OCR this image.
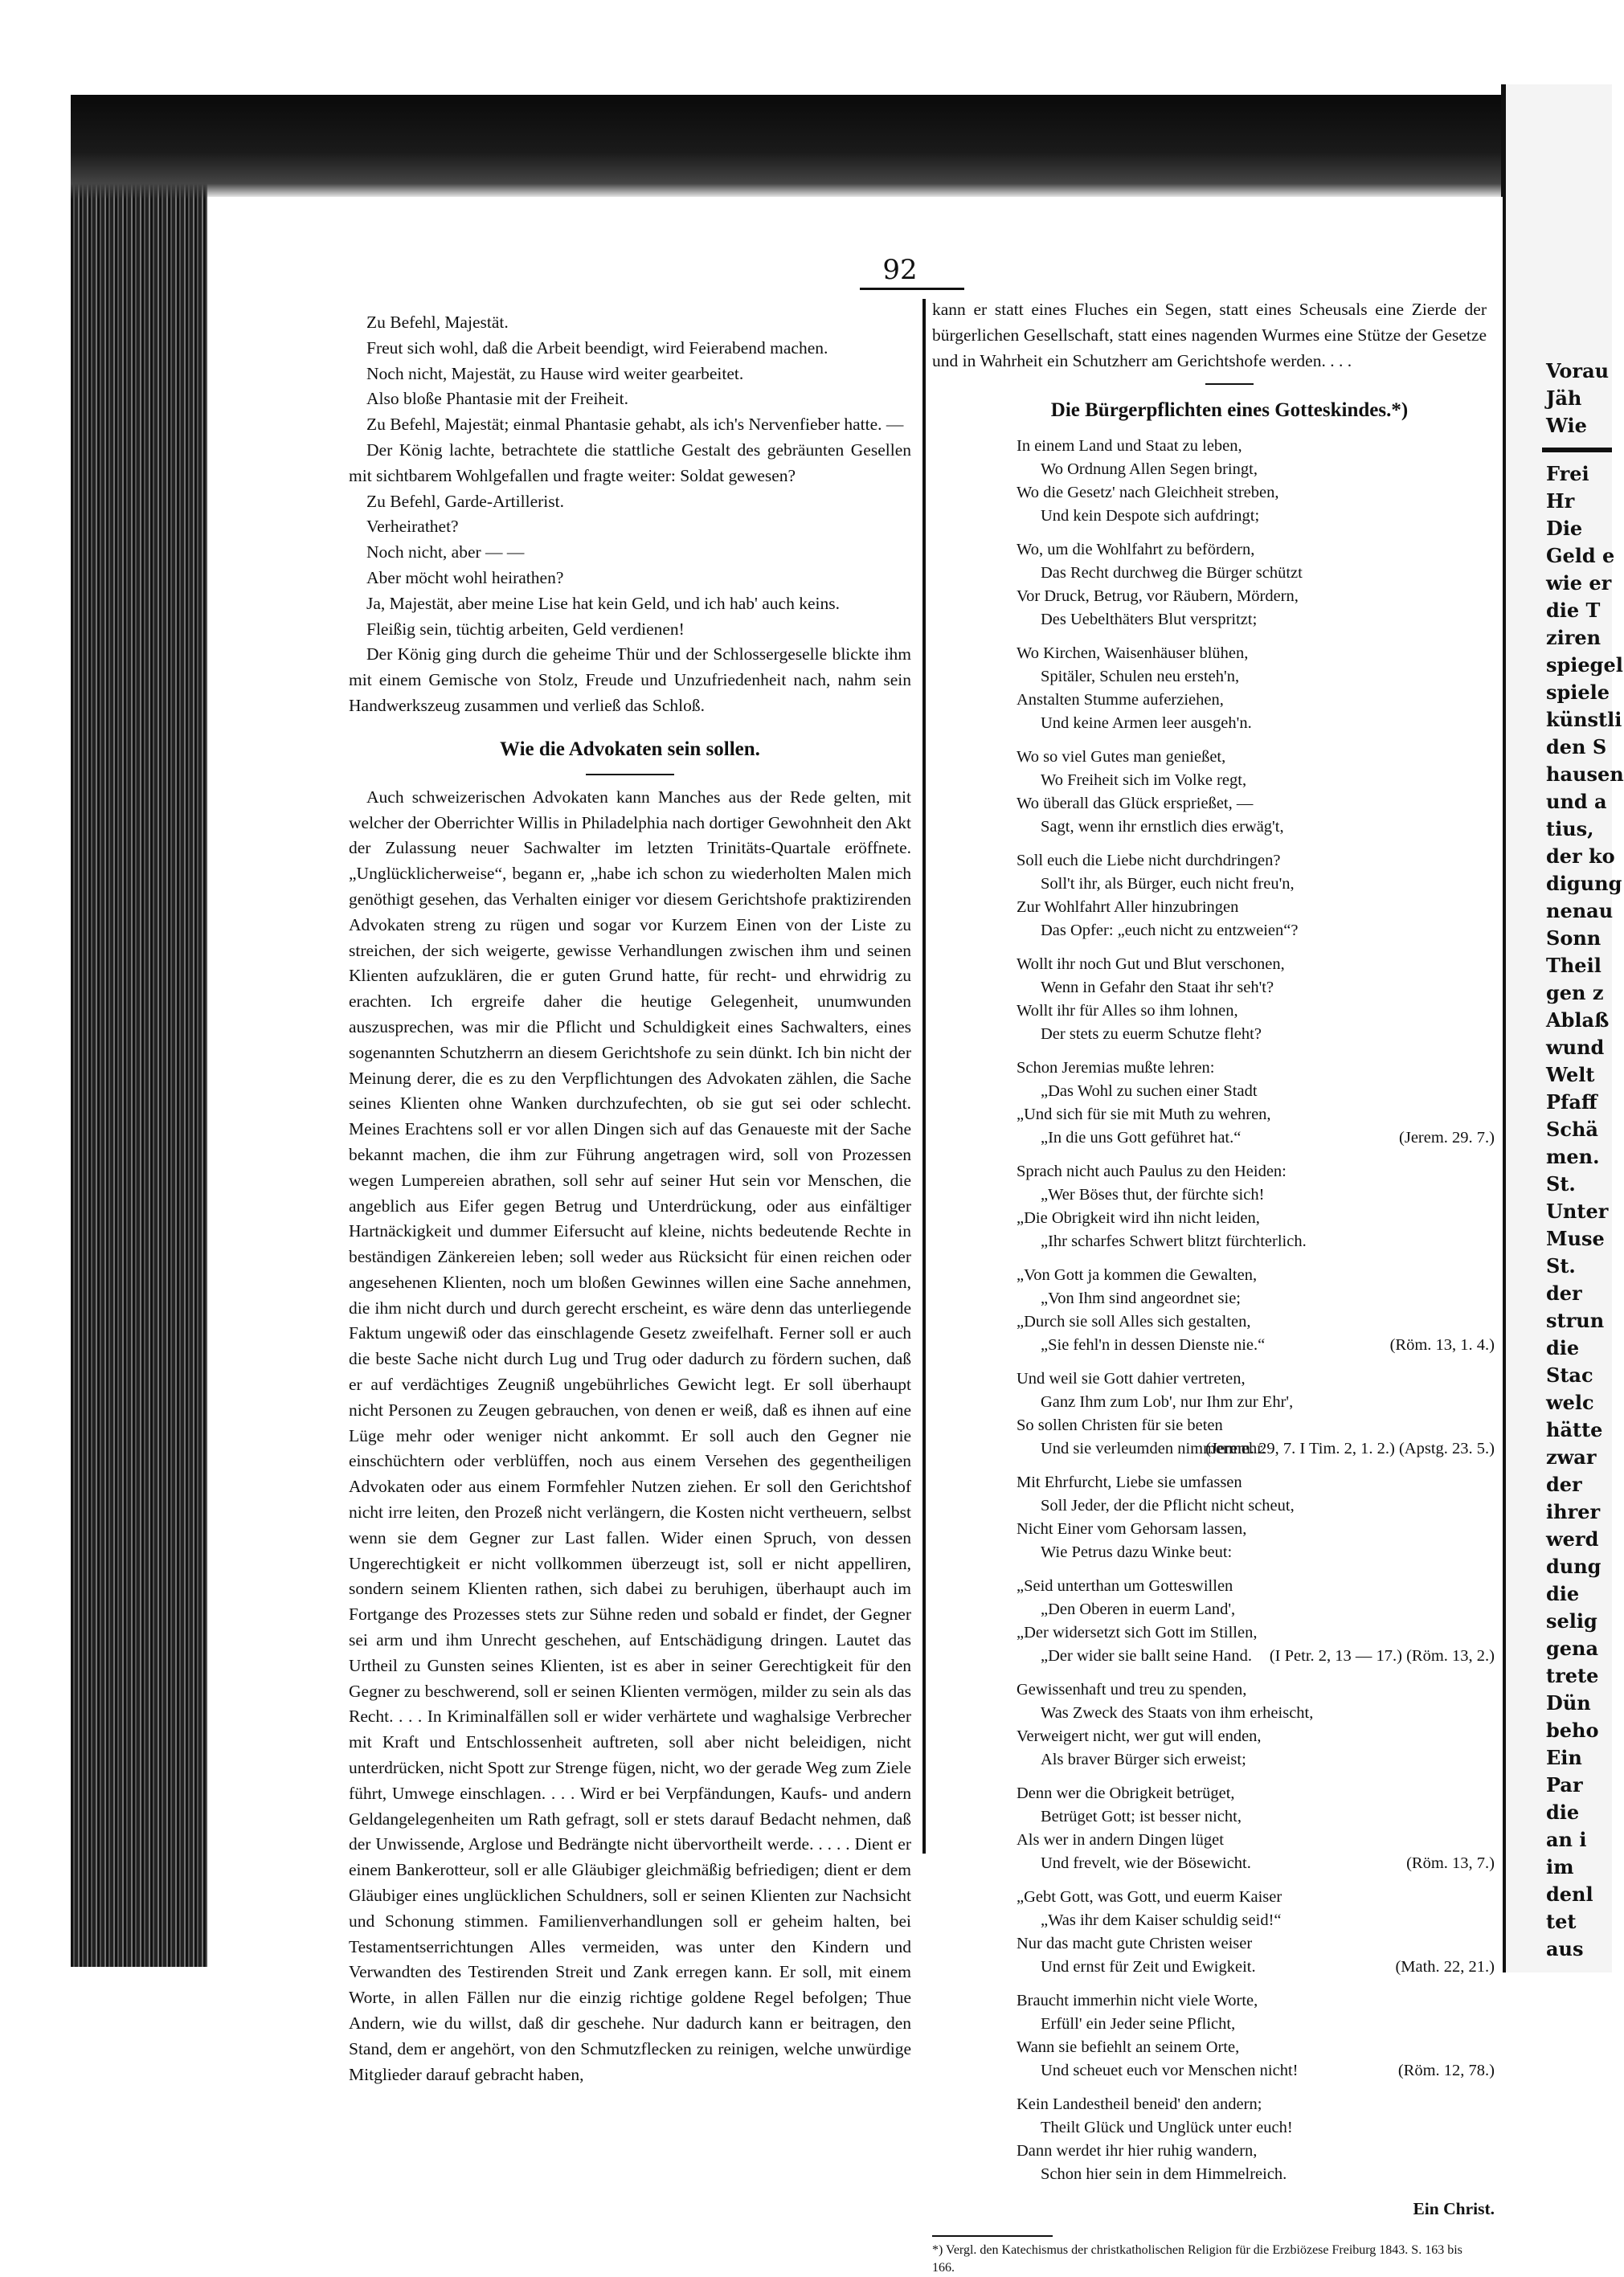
Vorau
Jäh
Wie
Frei
Hr
Die
Geld e
wie er
die T
ziren
spiegel
spiele
künstli
den S
hausen
und a
tius,
der ko
digung
nenau
Sonn
Theil
gen z
Ablaß
wund
Welt
Pfaff
Schä
men.
St.
Unter
Muse
St.
der
strun
die
Stac
welc
hätte
zwar
der
ihrer
werd
dung
die
selig
gena
trete
Dün
beho
Ein
Par
die
an i
im
denl
tet
aus
92

Zu Befehl, Majestät.

Freut sich wohl, daß die Arbeit beendigt, wird Feierabend machen.

Noch nicht, Majestät, zu Hause wird weiter gearbeitet.

Also bloße Phantasie mit der Freiheit.

Zu Befehl, Majestät; einmal Phantasie gehabt, als ich's Nervenfieber hatte. —

Der König lachte, betrachtete die stattliche Gestalt des gebräunten Gesellen mit sichtbarem Wohlgefallen und fragte weiter: Soldat gewesen?

Zu Befehl, Garde-Artillerist.

Verheirathet?

Noch nicht, aber — —

Aber möcht wohl heirathen?

Ja, Majestät, aber meine Lise hat kein Geld, und ich hab' auch keins.

Fleißig sein, tüchtig arbeiten, Geld verdienen!

Der König ging durch die geheime Thür und der Schlossergeselle blickte ihm mit einem Gemische von Stolz, Freude und Unzufriedenheit nach, nahm sein Handwerkszeug zusammen und verließ das Schloß.

Wie die Advokaten sein sollen.

Auch schweizerischen Advokaten kann Manches aus der Rede gelten, mit welcher der Oberrichter Willis in Philadelphia nach dortiger Gewohnheit den Akt der Zulassung neuer Sachwalter im letzten Trinitäts-Quartale eröffnete. „Unglücklicherweise“, begann er, „habe ich schon zu wiederholten Malen mich genöthigt gesehen, das Verhalten einiger vor diesem Gerichtshofe praktizirenden Advokaten streng zu rügen und sogar vor Kurzem Einen von der Liste zu streichen, der sich weigerte, gewisse Verhandlungen zwischen ihm und seinen Klienten aufzuklären, die er guten Grund hatte, für recht- und ehrwidrig zu erachten. Ich ergreife daher die heutige Gelegenheit, unumwunden auszusprechen, was mir die Pflicht und Schuldigkeit eines Sachwalters, eines sogenannten Schutzherrn an diesem Gerichtshofe zu sein dünkt. Ich bin nicht der Meinung derer, die es zu den Verpflichtungen des Advokaten zählen, die Sache seines Klienten ohne Wanken durchzufechten, ob sie gut sei oder schlecht. Meines Erachtens soll er vor allen Dingen sich auf das Genaueste mit der Sache bekannt machen, die ihm zur Führung angetragen wird, soll von Prozessen wegen Lumpereien abrathen, soll sehr auf seiner Hut sein vor Menschen, die angeblich aus Eifer gegen Betrug und Unterdrückung, oder aus einfältiger Hartnäckigkeit und dummer Eifersucht auf kleine, nichts bedeutende Rechte in beständigen Zänkereien leben; soll weder aus Rücksicht für einen reichen oder angesehenen Klienten, noch um bloßen Gewinnes willen eine Sache annehmen, die ihm nicht durch und durch gerecht erscheint, es wäre denn das unterliegende Faktum ungewiß oder das einschlagende Gesetz zweifelhaft. Ferner soll er auch die beste Sache nicht durch Lug und Trug oder dadurch zu fördern suchen, daß er auf verdächtiges Zeugniß ungebührliches Gewicht legt. Er soll überhaupt nicht Personen zu Zeugen gebrauchen, von denen er weiß, daß es ihnen auf eine Lüge mehr oder weniger nicht ankommt. Er soll auch den Gegner nie einschüchtern oder verblüffen, noch aus einem Versehen des gegentheiligen Advokaten oder aus einem Formfehler Nutzen ziehen. Er soll den Gerichtshof nicht irre leiten, den Prozeß nicht verlängern, die Kosten nicht vertheuern, selbst wenn sie dem Gegner zur Last fallen. Wider einen Spruch, von dessen Ungerechtigkeit er nicht vollkommen überzeugt ist, soll er nicht appelliren, sondern seinem Klienten rathen, sich dabei zu beruhigen, überhaupt auch im Fortgange des Prozesses stets zur Sühne reden und sobald er findet, der Gegner sei arm und ihm Unrecht geschehen, auf Entschädigung dringen. Lautet das Urtheil zu Gunsten seines Klienten, ist es aber in seiner Gerechtigkeit für den Gegner zu beschwerend, soll er seinen Klienten vermögen, milder zu sein als das Recht. . . . In Kriminalfällen soll er wider verhärtete und waghalsige Verbrecher mit Kraft und Entschlossenheit auftreten, soll aber nicht beleidigen, nicht unterdrücken, nicht Spott zur Strenge fügen, nicht, wo der gerade Weg zum Ziele führt, Umwege einschlagen. . . . Wird er bei Verpfändungen, Kaufs- und andern Geldangelegenheiten um Rath gefragt, soll er stets darauf Bedacht nehmen, daß der Unwissende, Arglose und Bedrängte nicht übervortheilt werde. . . . . Dient er einem Bankerotteur, soll er alle Gläubiger gleichmäßig befriedigen; dient er dem Gläubiger eines unglücklichen Schuldners, soll er seinen Klienten zur Nachsicht und Schonung stimmen. Familienverhandlungen soll er geheim halten, bei Testamentserrichtungen Alles vermeiden, was unter den Kindern und Verwandten des Testirenden Streit und Zank erregen kann. Er soll, mit einem Worte, in allen Fällen nur die einzig richtige goldene Regel befolgen; Thue Andern, wie du willst, daß dir geschehe. Nur dadurch kann er beitragen, den Stand, dem er angehört, von den Schmutzflecken zu reinigen, welche unwürdige Mitglieder darauf gebracht haben,

kann er statt eines Fluches ein Segen, statt eines Scheusals eine Zierde der bürgerlichen Gesellschaft, statt eines nagenden Wurmes eine Stütze der Gesetze und in Wahrheit ein Schutzherr am Gerichtshofe werden. . . .

Die Bürgerpflichten eines Gotteskindes.*)
In einem Land und Staat zu leben,
Wo Ordnung Allen Segen bringt,
Wo die Gesetz' nach Gleichheit streben,
Und kein Despote sich aufdringt;
Wo, um die Wohlfahrt zu befördern,
Das Recht durchweg die Bürger schützt
Vor Druck, Betrug, vor Räubern, Mördern,
Des Uebelthäters Blut verspritzt;
Wo Kirchen, Waisenhäuser blühen,
Spitäler, Schulen neu ersteh'n,
Anstalten Stumme auferziehen,
Und keine Armen leer ausgeh'n.
Wo so viel Gutes man genießet,
Wo Freiheit sich im Volke regt,
Wo überall das Glück ersprießet, —
Sagt, wenn ihr ernstlich dies erwäg't,
Soll euch die Liebe nicht durchdringen?
Soll't ihr, als Bürger, euch nicht freu'n,
Zur Wohlfahrt Aller hinzubringen
Das Opfer: „euch nicht zu entzweien“?
Wollt ihr noch Gut und Blut verschonen,
Wenn in Gefahr den Staat ihr seh't?
Wollt ihr für Alles so ihm lohnen,
Der stets zu euerm Schutze fleht?
Schon Jeremias mußte lehren:
„Das Wohl zu suchen einer Stadt
„Und sich für sie mit Muth zu wehren,
„In die uns Gott geführet hat.“	(Jerem. 29. 7.)
Sprach nicht auch Paulus zu den Heiden:
„Wer Böses thut, der fürchte sich!
„Die Obrigkeit wird ihn nicht leiden,
„Ihr scharfes Schwert blitzt fürchterlich.
„Von Gott ja kommen die Gewalten,
„Von Ihm sind angeordnet sie;
„Durch sie soll Alles sich gestalten,
„Sie fehl'n in dessen Dienste nie.“	(Röm. 13, 1. 4.)
Und weil sie Gott dahier vertreten,
Ganz Ihm zum Lob', nur Ihm zur Ehr',
So sollen Christen für sie beten
Und sie verleumden nimmermehr.
(Jerem. 29, 7. I Tim. 2, 1. 2.) (Apstg. 23. 5.)
Mit Ehrfurcht, Liebe sie umfassen
Soll Jeder, der die Pflicht nicht scheut,
Nicht Einer vom Gehorsam lassen,
Wie Petrus dazu Winke beut:
„Seid unterthan um Gotteswillen
„Den Oberen in euerm Land',
„Der widersetzt sich Gott im Stillen,
„Der wider sie ballt seine Hand.	(I Petr. 2, 13 — 17.) (Röm. 13, 2.)
Gewissenhaft und treu zu spenden,
Was Zweck des Staats von ihm erheischt,
Verweigert nicht, wer gut will enden,
Als braver Bürger sich erweist;
Denn wer die Obrigkeit betrüget,
Betrüget Gott; ist besser nicht,
Als wer in andern Dingen lüget
Und frevelt, wie der Bösewicht.	(Röm. 13, 7.)
„Gebt Gott, was Gott, und euerm Kaiser
„Was ihr dem Kaiser schuldig seid!“
Nur das macht gute Christen weiser
Und ernst für Zeit und Ewigkeit.	(Math. 22, 21.)
Braucht immerhin nicht viele Worte,
Erfüll' ein Jeder seine Pflicht,
Wann sie befiehlt an seinem Orte,
Und scheuet euch vor Menschen nicht!	(Röm. 12, 78.)
Kein Landestheil beneid' den andern;
Theilt Glück und Unglück unter euch!
Dann werdet ihr hier ruhig wandern,
Schon hier sein in dem Himmelreich.
Ein Christ.
*) Vergl. den Katechismus der christkatholischen Religion für die Erzbiözese Freiburg 1843. S. 163 bis 166.
